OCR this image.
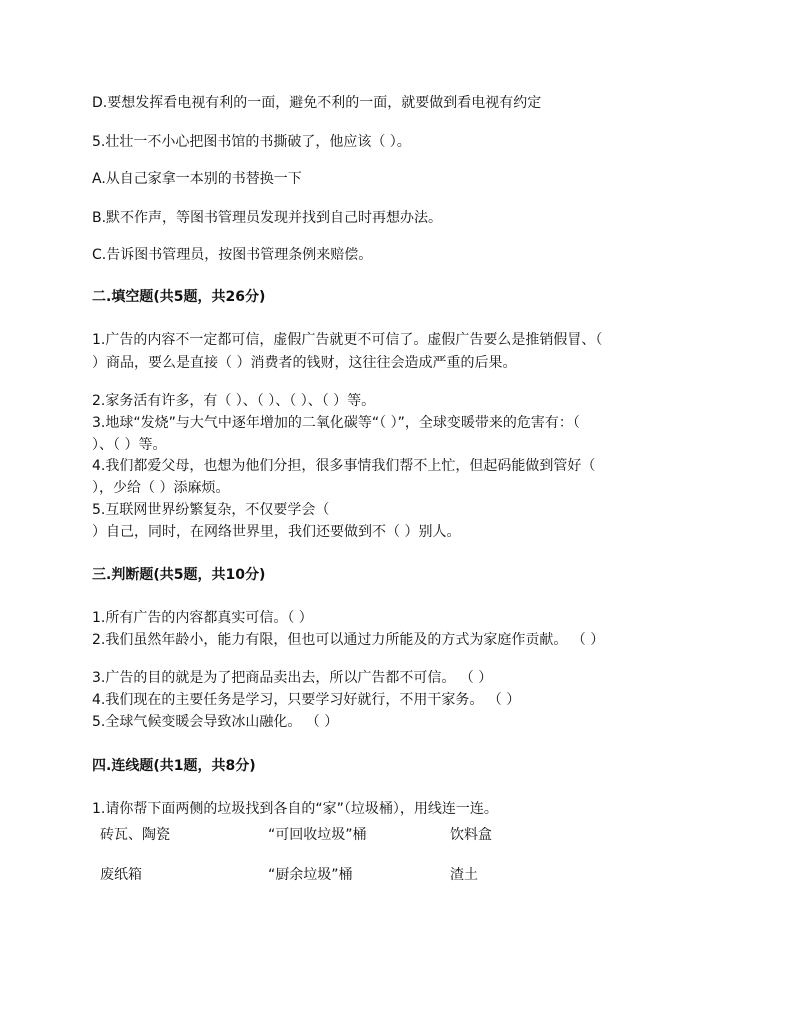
D.要想发挥看电视有利的一面，避免不利的一面，就要做到看电视有约定
5.壮壮一不小心把图书馆的书撕破了，他应该（ ）。
A.从自己家拿一本别的书替换一下
B.默不作声，等图书管理员发现并找到自己时再想办法。
C.告诉图书管理员，按图书管理条例来赔偿。
二.填空题(共5题，共26分)
1.广告的内容不一定都可信，虚假广告就更不可信了。虚假广告要么是推销假冒、（
）商品，要么是直接（ ）消费者的钱财，这往往会造成严重的后果。
2.家务活有许多，有（ ）、（ ）、（ ）、（ ）等。
3.地球“发烧”与大气中逐年增加的二氧化碳等“（ ）”，全球变暖带来的危害有：（
）、（ ）等。
4.我们都爱父母，也想为他们分担，很多事情我们帮不上忙，但起码能做到管好（
），少给（ ）添麻烦。
5.互联网世界纷繁复杂，不仅要学会（
）自己，同时，在网络世界里，我们还要做到不（ ）别人。
三.判断题(共5题，共10分)
1.所有广告的内容都真实可信。（ ）
2.我们虽然年龄小，能力有限，但也可以通过力所能及的方式为家庭作贡献。 （ ）
3.广告的目的就是为了把商品卖出去，所以广告都不可信。 （ ）
4.我们现在的主要任务是学习，只要学习好就行，不用干家务。 （ ）
5.全球气候变暖会导致冰山融化。 （ ）
四.连线题(共1题，共8分)
1.请你帮下面两侧的垃圾找到各自的“家”（垃圾桶），用线连一连。
砖瓦、陶瓷	“可回收垃圾”桶	饮料盒
废纸箱	“厨余垃圾”桶	渣土
